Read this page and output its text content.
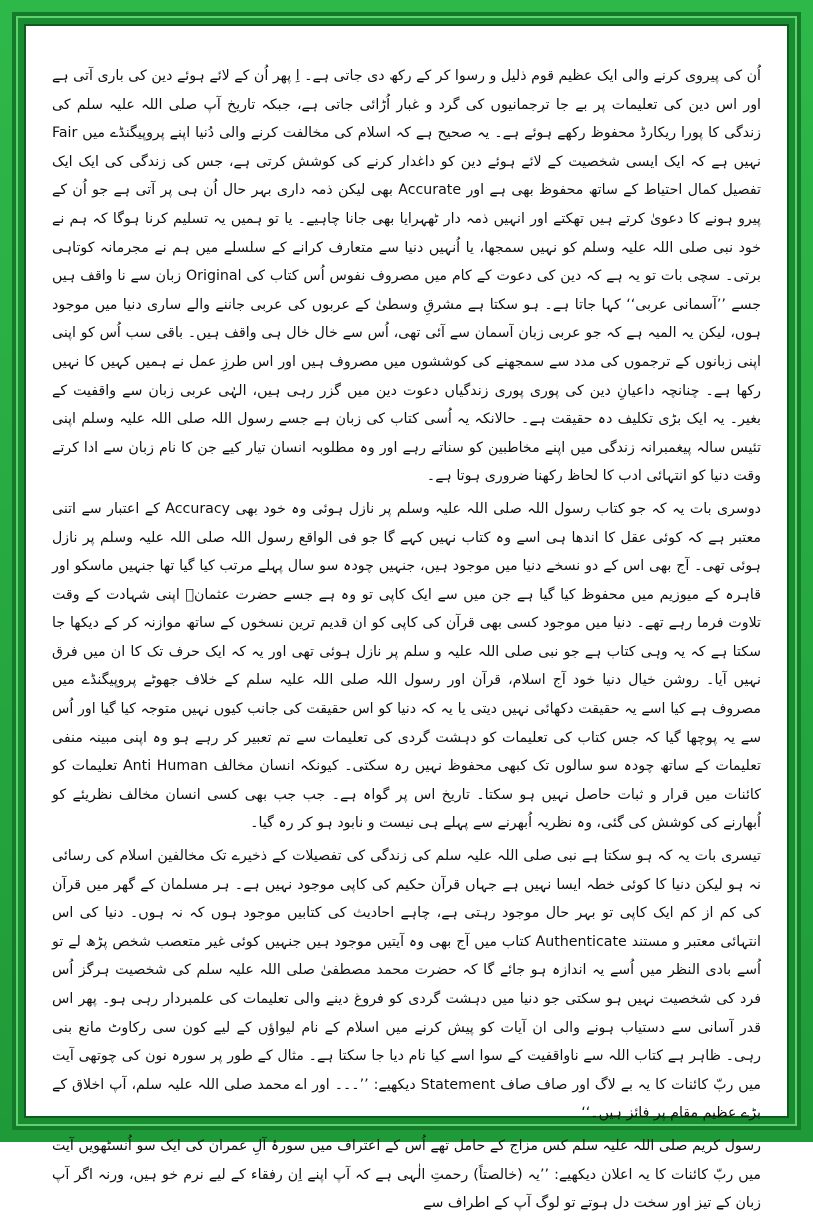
اُن کی پیروی کرنے والی ایک عظیم قوم ذلیل و رسوا کر کے رکھ دی جاتی ہے۔ اِ پھر اُن کے لائے ہوئے دین کی باری آتی ہے اور اس دین کی تعلیمات پر بے جا ترجمانیوں کی گرد و غبار اُڑائی جاتی ہے، جبکہ تاریخ آپ صلی اللہ علیہ سلم کی زندگی کا پورا ریکارڈ محفوظ رکھے ہوئے ہے۔ یہ صحیح ہے کہ اسلام کی مخالفت کرنے والی دُنیا اپنے پروپیگنڈے میں Fair نہیں ہے کہ ایک ایسی شخصیت کے لائے ہوئے دین کو داغدار کرنے کی کوشش کرتی ہے، جس کی زندگی کی ایک ایک تفصیل کمال احتیاط کے ساتھ محفوظ بھی ہے اور Accurate بھی لیکن ذمہ داری بہر حال اُن ہی پر آتی ہے جو اُن کے پیرو ہونے کا دعویٰ کرتے ہیں تھکتے اور انہیں ذمہ دار ٹھہرایا بھی جانا چاہیے۔ یا تو ہمیں یہ تسلیم کرنا ہوگا کہ ہم نے خود نبی صلی اللہ علیہ وسلم کو نہیں سمجھا، یا اُنہیں دنیا سے متعارف کرانے کے سلسلے میں ہم نے مجرمانہ کوتاہی برتی۔ سچی بات تو یہ ہے کہ دین کی دعوت کے کام میں مصروف نفوس اُس کتاب کی Original زبان سے نا واقف ہیں جسے ’’آسمانی عربی‘‘ کہا جاتا ہے۔ ہو سکتا ہے مشرقِ وسطیٰ کے عربوں کی عربی جاننے والے ساری دنیا میں موجود ہوں، لیکن یہ المیہ ہے کہ جو عربی زبان آسمان سے آئی تھی، اُس سے خال خال ہی واقف ہیں۔ باقی سب اُس کو اپنی اپنی زبانوں کے ترجموں کی مدد سے سمجھنے کی کوششوں میں مصروف ہیں اور اس طرزِ عمل نے ہمیں کہیں کا نہیں رکھا ہے۔ چنانچہ داعیانِ دین کی پوری پوری زندگیاں دعوت دین میں گزر رہی ہیں، الہٰی عربی زبان سے واقفیت کے بغیر۔ یہ ایک بڑی تکلیف دہ حقیقت ہے۔ حالانکہ یہ اُسی کتاب کی زبان ہے جسے رسول اللہ صلی اللہ علیہ وسلم اپنی تئیس سالہ پیغمبرانہ زندگی میں اپنے مخاطبین کو سناتے رہے اور وہ مطلوبہ انسان تیار کیے جن کا نام زبان سے ادا کرتے وقت دنیا کو انتہائی ادب کا لحاظ رکھنا ضروری ہوتا ہے۔

دوسری بات یہ کہ جو کتاب رسول اللہ صلی اللہ علیہ وسلم پر نازل ہوئی وہ خود بھی Accuracy کے اعتبار سے اتنی معتبر ہے کہ کوئی عقل کا اندھا ہی اسے وہ کتاب نہیں کہے گا جو فی الواقع رسول اللہ صلی اللہ علیہ وسلم پر نازل ہوئی تھی۔ آج بھی اس کے دو نسخے دنیا میں موجود ہیں، جنہیں چودہ سو سال پہلے مرتب کیا گیا تھا جنہیں ماسکو اور قاہرہ کے میوزیم میں محفوظ کیا گیا ہے جن میں سے ایک کاپی تو وہ ہے جسے حضرت عثمانؓ اپنی شہادت کے وقت تلاوت فرما رہے تھے۔ دنیا میں موجود کسی بھی قرآن کی کاپی کو ان قدیم ترین نسخوں کے ساتھ موازنہ کر کے دیکھا جا سکتا ہے کہ یہ وہی کتاب ہے جو نبی صلی اللہ علیہ و سلم پر نازل ہوئی تھی اور یہ کہ ایک حرف تک کا ان میں فرق نہیں آیا۔ روشن خیال دنیا خود آج اسلام، قرآن اور رسول اللہ صلی اللہ علیہ سلم کے خلاف جھوٹے پروپیگنڈے میں مصروف ہے کیا اسے یہ حقیقت دکھائی نہیں دیتی یا یہ کہ دنیا کو اس حقیقت کی جانب کیوں نہیں متوجہ کیا گیا اور اُس سے یہ پوچھا گیا کہ جس کتاب کی تعلیمات کو دہشت گردی کی تعلیمات سے تم تعبیر کر رہے ہو وہ اپنی مبینہ منفی تعلیمات کے ساتھ چودہ سو سالوں تک کبھی محفوظ نہیں رہ سکتی۔ کیونکہ انسان مخالف Anti Human تعلیمات کو کائنات میں قرار و ثبات حاصل نہیں ہو سکتا۔ تاریخ اس پر گواہ ہے۔ جب جب بھی کسی انسان مخالف نظریئے کو اُبھارنے کی کوشش کی گئی، وہ نظریہ اُبھرنے سے پہلے ہی نیست و نابود ہو کر رہ گیا۔

تیسری بات یہ کہ ہو سکتا ہے نبی صلی اللہ علیہ سلم کی زندگی کی تفصیلات کے ذخیرے تک مخالفین اسلام کی رسائی نہ ہو لیکن دنیا کا کوئی خطہ ایسا نہیں ہے جہاں قرآن حکیم کی کاپی موجود نہیں ہے۔ ہر مسلمان کے گھر میں قرآن کی کم از کم ایک کاپی تو بہر حال موجود رہتی ہے، چاہے احادیث کی کتابیں موجود ہوں کہ نہ ہوں۔ دنیا کی اس انتہائی معتبر و مستند Authenticate کتاب میں آج بھی وہ آیتیں موجود ہیں جنہیں کوئی غیر متعصب شخص پڑھ لے تو اُسے بادی النظر میں اُسے یہ اندازہ ہو جائے گا کہ حضرت محمد مصطفیٰ صلی اللہ علیہ سلم کی شخصیت ہرگز اُس فرد کی شخصیت نہیں ہو سکتی جو دنیا میں دہشت گردی کو فروغ دینے والی تعلیمات کی علمبردار رہی ہو۔ پھر اس قدر آسانی سے دستیاب ہونے والی ان آیات کو پیش کرنے میں اسلام کے نام لیواؤں کے لیے کون سی رکاوٹ مانع بنی رہی۔ ظاہر ہے کتاب اللہ سے ناواقفیت کے سوا اسے کیا نام دیا جا سکتا ہے۔ مثال کے طور پر سورہ نون کی چوتھی آیت میں ربّ کائنات کا یہ بے لاگ اور صاف صاف Statement دیکھیے: ’’۔۔۔ اور اے محمد صلی اللہ علیہ سلم، آپ اخلاق کے بڑے عظیم مقام پر فائز ہیں۔‘‘

رسول کریم صلی اللہ علیہ سلم کس مزاج کے حامل تھے اُس کے اعتراف میں سورۂ آلِ عمران کی ایک سو اُنسٹھویں آیت میں ربّ کائنات کا یہ اعلان دیکھیے: ’’یہ (خالصتاً) رحمتِ الٰہی ہے کہ آپ اپنے اِن رفقاء کے لیے نرم خو ہیں، ورنہ اگر آپ زبان کے تیز اور سخت دل ہوتے تو لوگ آپ کے اطراف سے
